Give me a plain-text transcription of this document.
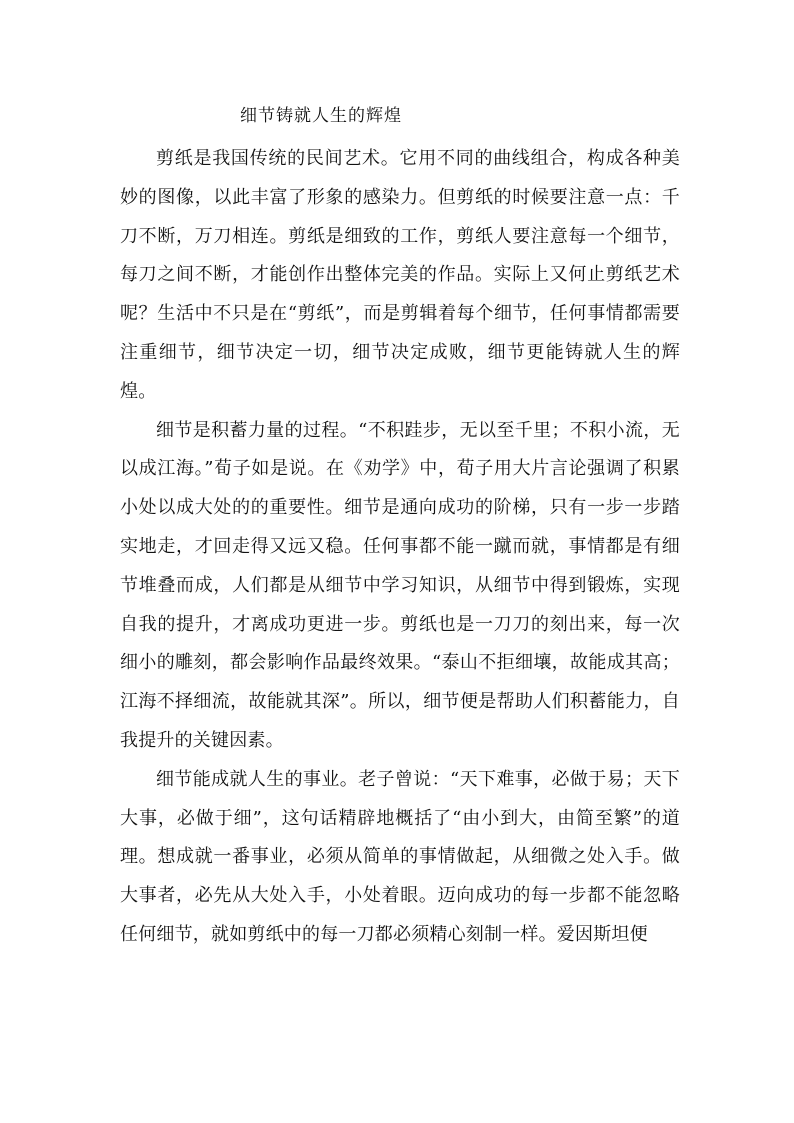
细节铸就人生的辉煌

剪纸是我国传统的民间艺术。它用不同的曲线组合，构成各种美妙的图像，以此丰富了形象的感染力。但剪纸的时候要注意一点：千刀不断，万刀相连。剪纸是细致的工作，剪纸人要注意每一个细节，每刀之间不断，才能创作出整体完美的作品。实际上又何止剪纸艺术呢？生活中不只是在“剪纸”，而是剪辑着每个细节，任何事情都需要注重细节，细节决定一切，细节决定成败，细节更能铸就人生的辉煌。

细节是积蓄力量的过程。“不积跬步，无以至千里；不积小流，无以成江海。”荀子如是说。在《劝学》中，荀子用大片言论强调了积累小处以成大处的的重要性。细节是通向成功的阶梯，只有一步一步踏实地走，才回走得又远又稳。任何事都不能一蹴而就，事情都是有细节堆叠而成，人们都是从细节中学习知识，从细节中得到锻炼，实现自我的提升，才离成功更进一步。剪纸也是一刀刀的刻出来，每一次细小的雕刻，都会影响作品最终效果。“泰山不拒细壤，故能成其高；江海不择细流，故能就其深”。所以，细节便是帮助人们积蓄能力，自我提升的关键因素。

细节能成就人生的事业。老子曾说：“天下难事，必做于易；天下大事，必做于细”，这句话精辟地概括了“由小到大，由简至繁”的道理。想成就一番事业，必须从简单的事情做起，从细微之处入手。做大事者，必先从大处入手，小处着眼。迈向成功的每一步都不能忽略任何细节，就如剪纸中的每一刀都必须精心刻制一样。爱因斯坦便
